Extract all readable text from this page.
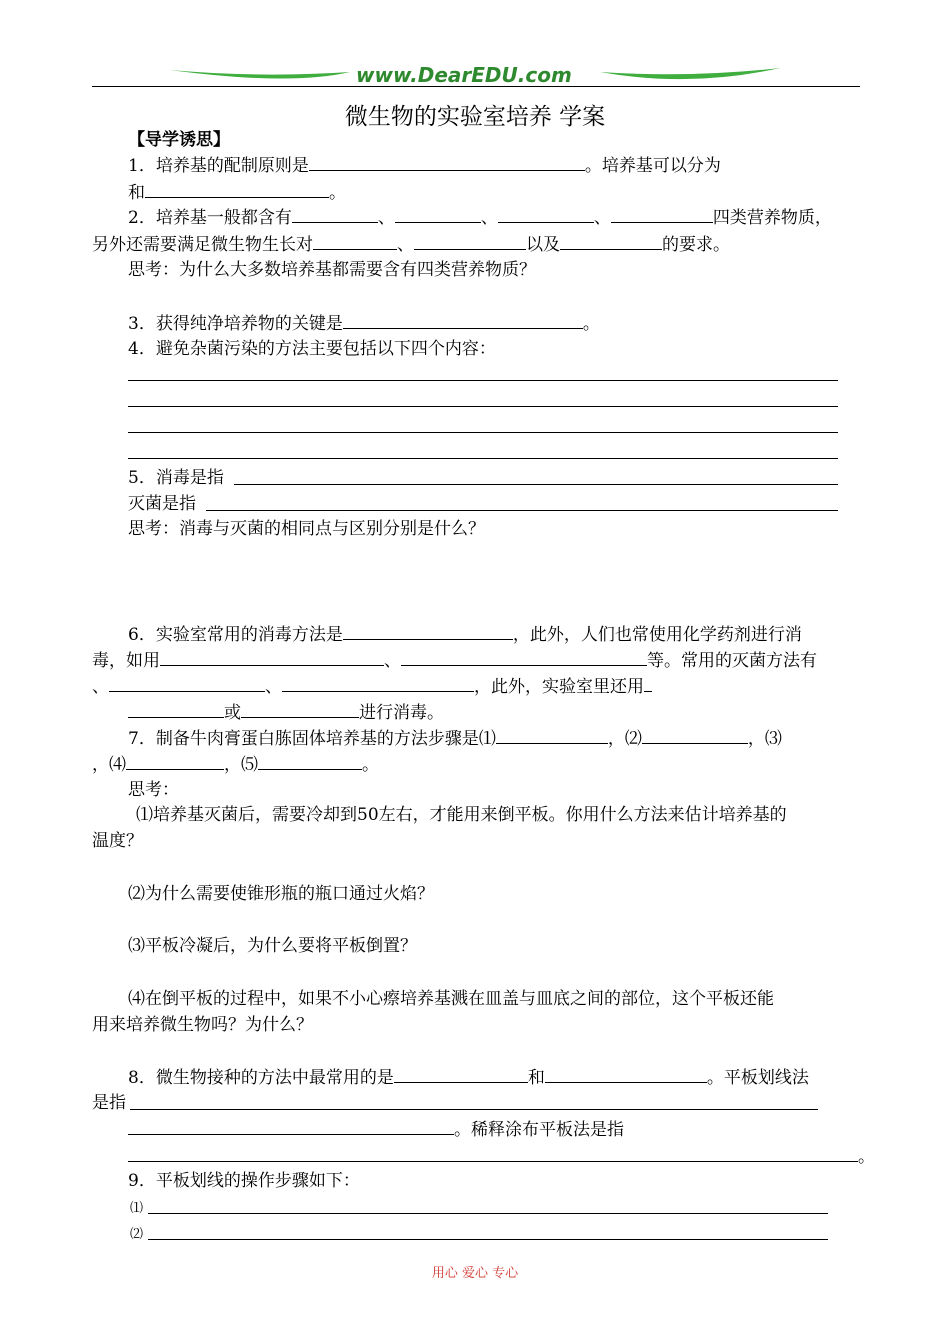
www.DearEDU.com
微生物的实验室培养 学案
【导学诱思】
1．培养基的配制原则是	。培养基可以分为
和	。
2．培养基一般都含有	、	、	、	四类营养物质，
另外还需要满足微生物生长对	、	以及	的要求。
思考：为什么大多数培养基都需要含有四类营养物质？
3．获得纯净培养物的关键是	。
4．避免杂菌污染的方法主要包括以下四个内容：
5．消毒是指
灭菌是指
思考：消毒与灭菌的相同点与区别分别是什么？
6．实验室常用的消毒方法是	，此外，人们也常使用化学药剂进行消
毒，如用	、	等。常用的灭菌方法有
、	、	，此外，实验室里还用
或	进行消毒。
7．制备牛肉膏蛋白胨固体培养基的方法步骤是⑴	，⑵	，⑶
，⑷	，⑸	。
思考：
⑴培养基灭菌后，需要冷却到50左右，才能用来倒平板。你用什么方法来估计培养基的
温度？
⑵为什么需要使锥形瓶的瓶口通过火焰？
⑶平板冷凝后，为什么要将平板倒置？
⑷在倒平板的过程中，如果不小心瘵培养基溅在皿盖与皿底之间的部位，这个平板还能
用来培养微生物吗？为什么？
8．微生物接种的方法中最常用的是	和	。平板划线法
是指
。稀释涂布平板法是指
。
9．平板划线的操作步骤如下：
⑴
⑵
用心 爱心 专心
